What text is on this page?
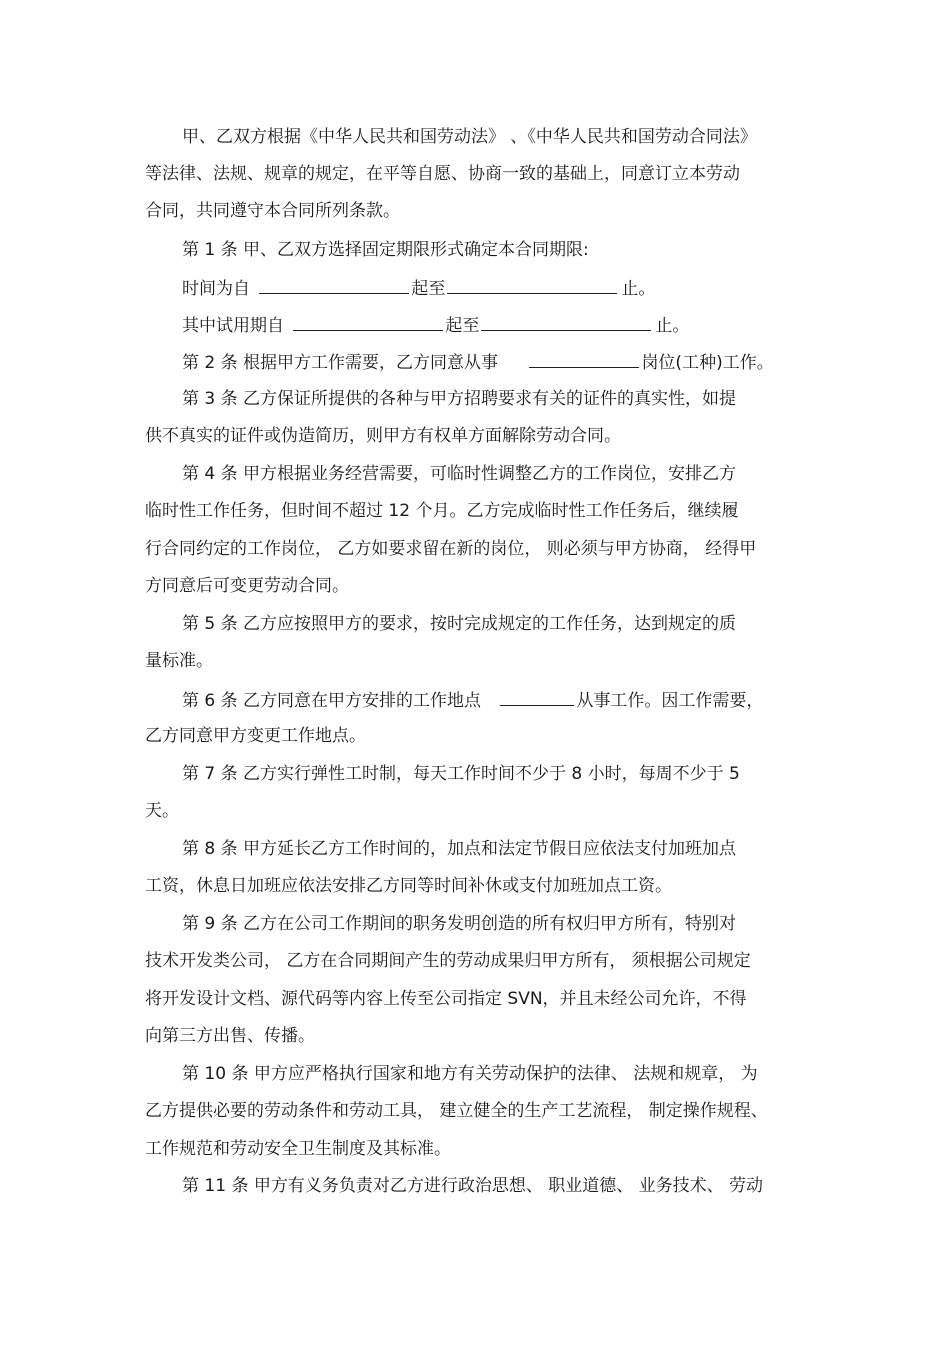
甲、乙双方根据《中华人民共和国劳动法》 、《中华人民共和国劳动合同法》
等法律、法规、规章的规定，在平等自愿、协商一致的基础上，同意订立本劳动
合同，共同遵守本合同所列条款。
第 1 条 甲、乙双方选择固定期限形式确定本合同期限:
时间为自	起至	止。
其中试用期自	起至	止。
第 2 条 根据甲方工作需要，乙方同意从事	岗位(工种)工作。
第 3 条 乙方保证所提供的各种与甲方招聘要求有关的证件的真实性，如提
供不真实的证件或伪造简历，则甲方有权单方面解除劳动合同。
第 4 条 甲方根据业务经营需要，可临时性调整乙方的工作岗位，安排乙方
临时性工作任务，但时间不超过 12 个月。乙方完成临时性工作任务后，继续履
行合同约定的工作岗位， 乙方如要求留在新的岗位， 则必须与甲方协商， 经得甲
方同意后可变更劳动合同。
第 5 条 乙方应按照甲方的要求，按时完成规定的工作任务，达到规定的质
量标准。
第 6 条 乙方同意在甲方安排的工作地点	从事工作。因工作需要，
乙方同意甲方变更工作地点。
第 7 条 乙方实行弹性工时制，每天工作时间不少于 8 小时，每周不少于 5
天。
第 8 条 甲方延长乙方工作时间的，加点和法定节假日应依法支付加班加点
工资，休息日加班应依法安排乙方同等时间补休或支付加班加点工资。
第 9 条 乙方在公司工作期间的职务发明创造的所有权归甲方所有，特别对
技术开发类公司， 乙方在合同期间产生的劳动成果归甲方所有， 须根据公司规定
将开发设计文档、源代码等内容上传至公司指定 SVN，并且未经公司允许，不得
向第三方出售、传播。
第 10 条 甲方应严格执行国家和地方有关劳动保护的法律、 法规和规章， 为
乙方提供必要的劳动条件和劳动工具， 建立健全的生产工艺流程， 制定操作规程、
工作规范和劳动安全卫生制度及其标准。
第 11 条 甲方有义务负责对乙方进行政治思想、 职业道德、 业务技术、 劳动
